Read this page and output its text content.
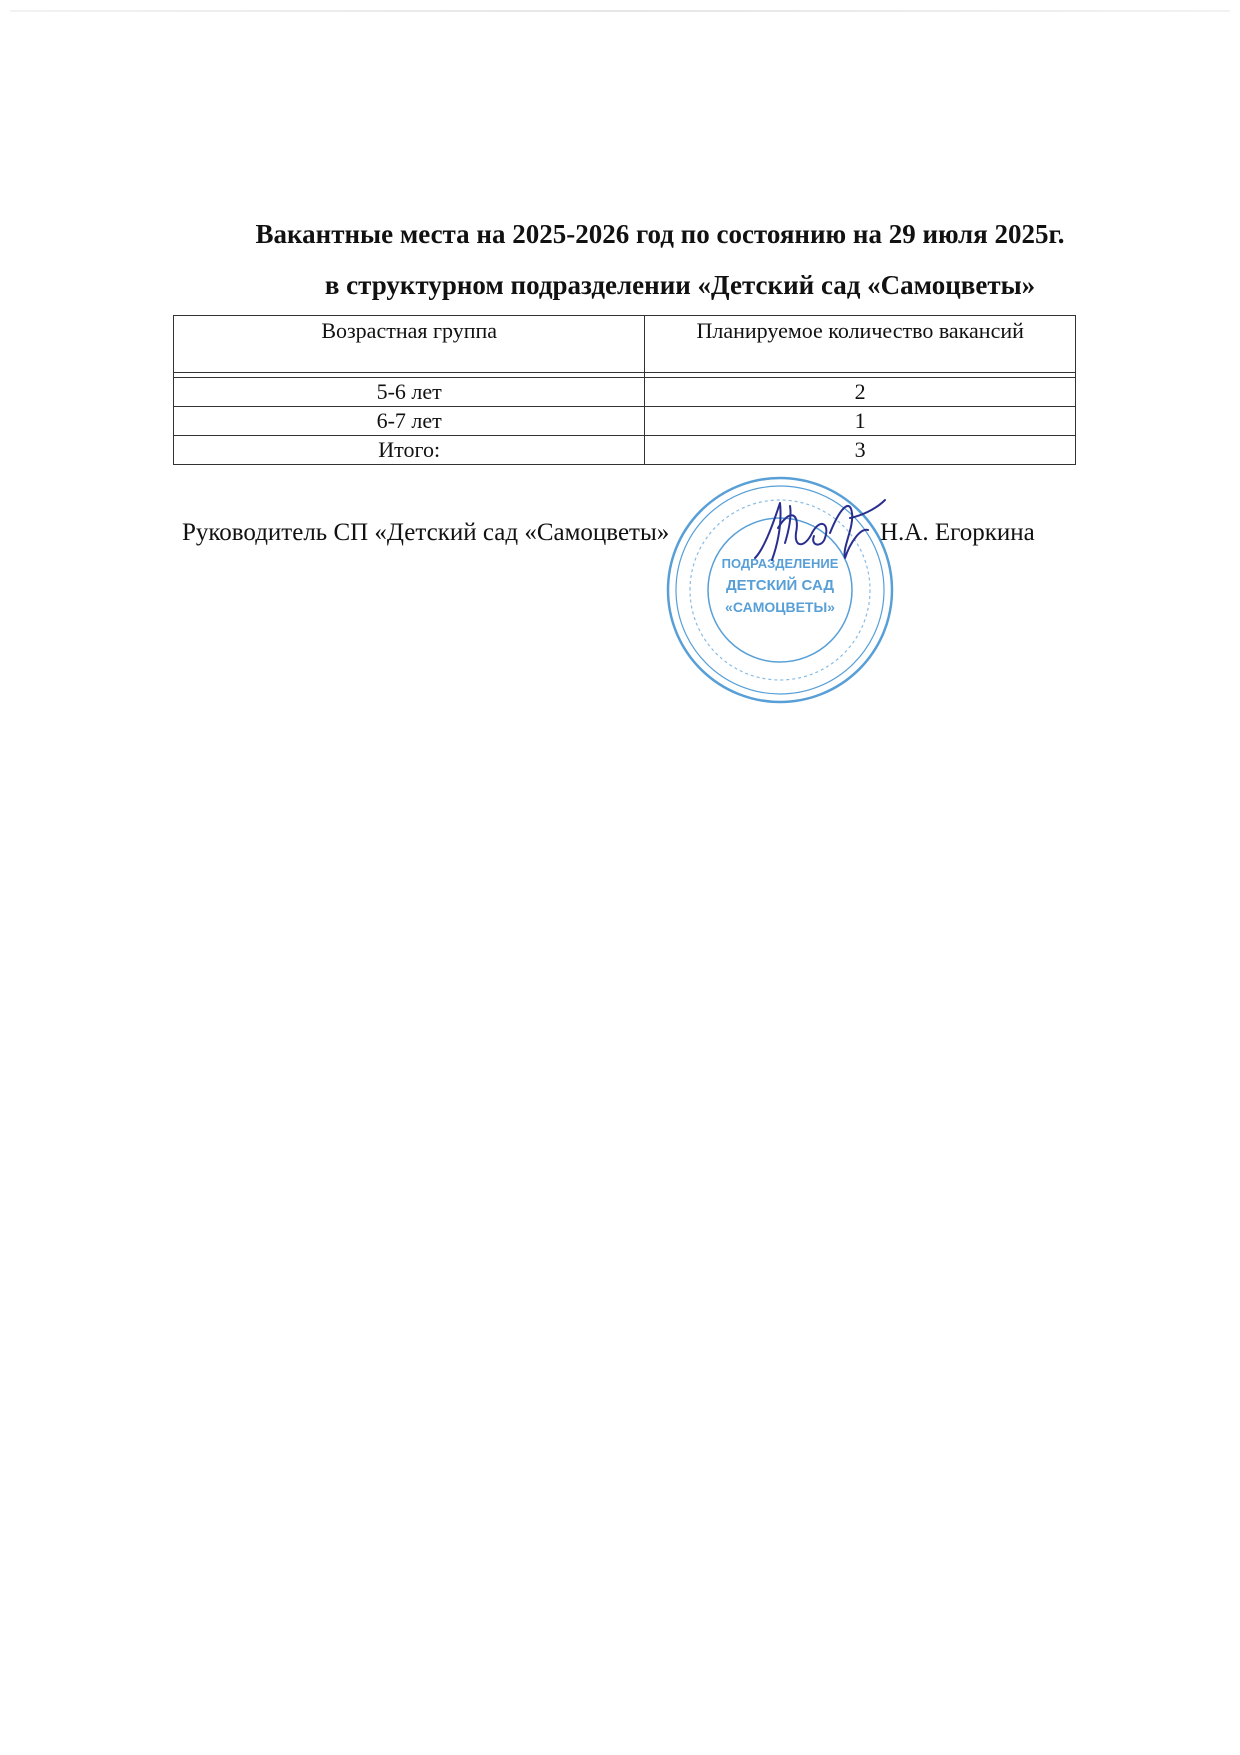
Вакантные места на 2025-2026 год по состоянию на 29 июля 2025г.
в структурном подразделении «Детский сад «Самоцветы»
Возрастная группа	Планируемое количество вакансий

5-6 лет	2
6-7 лет	1
Итого:	3
Руководитель СП «Детский сад «Самоцветы»
ПОДРАЗДЕЛЕНИЕ
ДЕТСКИЙ САД
«САМОЦВЕТЫ»
Н.А. Егоркина
